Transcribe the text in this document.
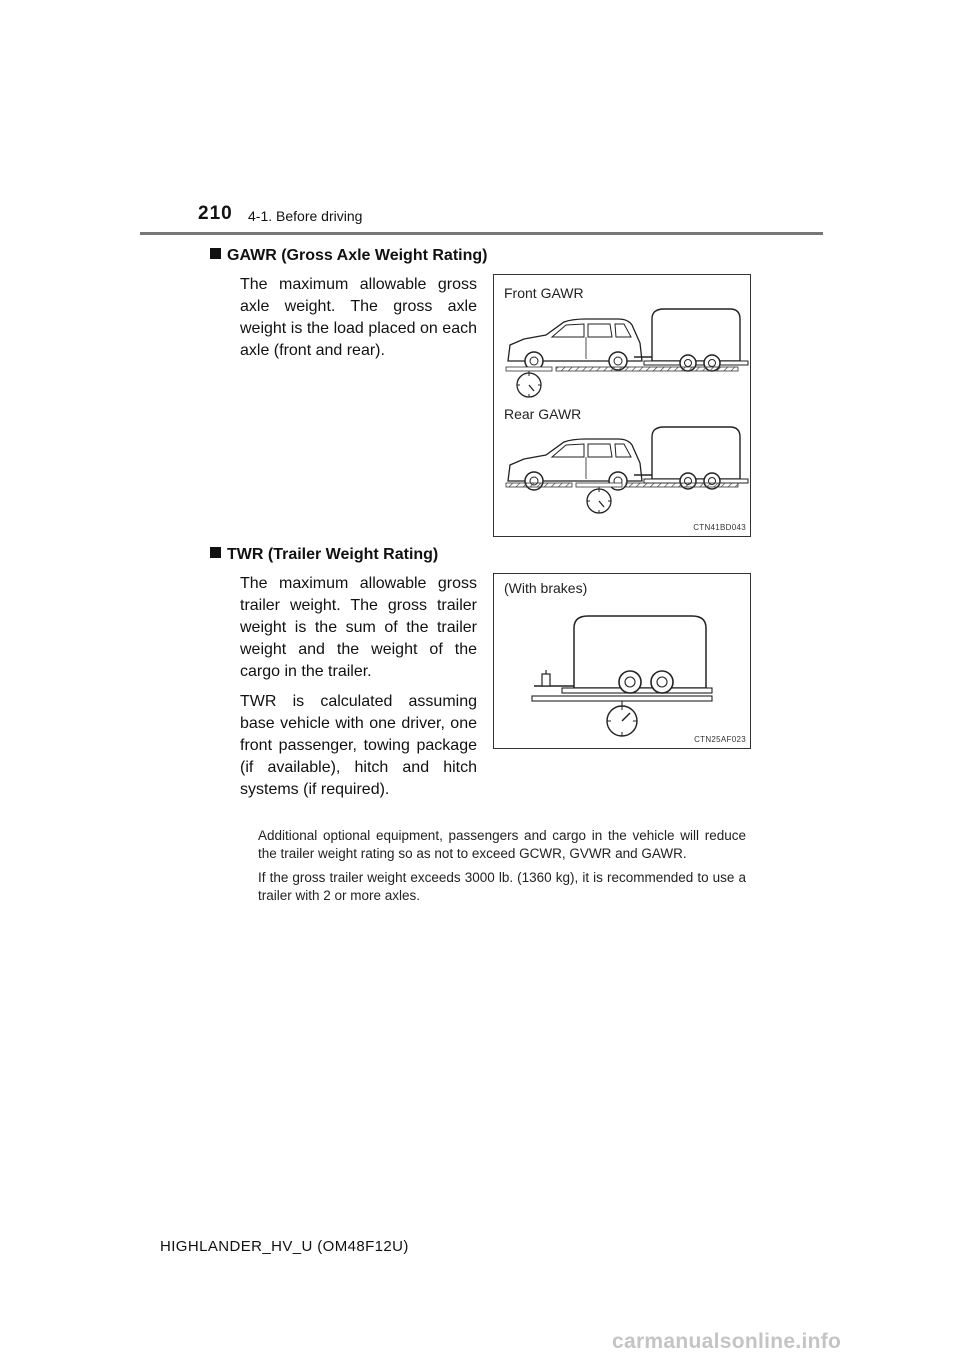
210 4-1. Before driving
GAWR (Gross Axle Weight Rating)

The maximum allowable gross axle weight. The gross axle weight is the load placed on each axle (front and rear).

Front GAWR
Rear GAWR
CTN41BD043
TWR (Trailer Weight Rating)

The maximum allowable gross trailer weight. The gross trailer weight is the sum of the trailer weight and the weight of the cargo in the trailer.

TWR is calculated assuming base vehicle with one driver, one front passenger, towing package (if available), hitch and hitch systems (if required).

(With brakes)
CTN25AF023

Additional optional equipment, passengers and cargo in the vehicle will reduce the trailer weight rating so as not to exceed GCWR, GVWR and GAWR.

If the gross trailer weight exceeds 3000 lb. (1360 kg), it is recommended to use a trailer with 2 or more axles.

HIGHLANDER_HV_U (OM48F12U)
carmanualsonline.info
